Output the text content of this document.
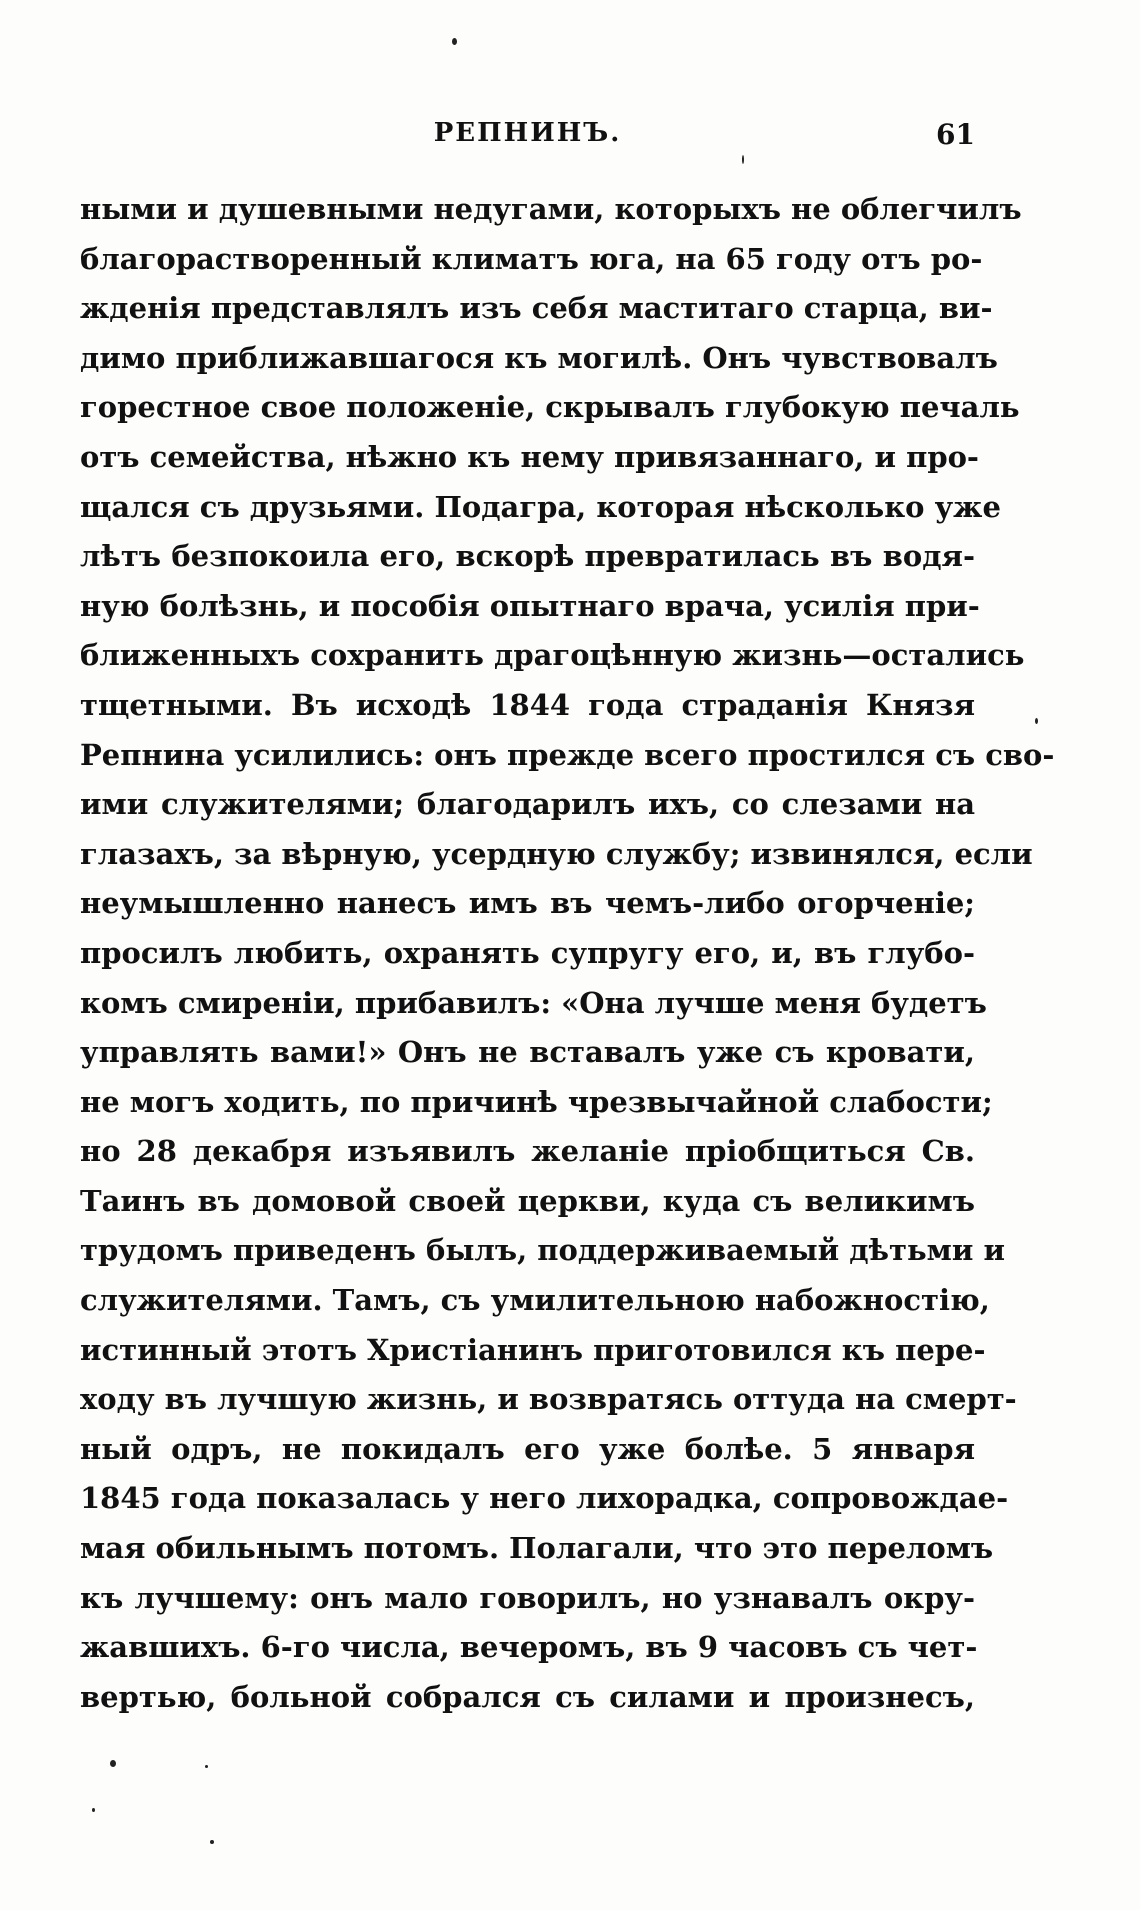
РЕПНИНЪ.	61
ными и душевными недугами, которыхъ не облегчилъ
благорастворенный климатъ юга, на 65 году отъ ро-
жденія представлялъ изъ себя маститаго старца, ви-
димо приближавшагося къ могилѣ. Онъ чувствовалъ
горестное свое положеніе, скрывалъ глубокую печаль
отъ семейства, нѣжно къ нему привязаннаго, и про-
щался съ друзьями. Подагра, которая нѣсколько уже
лѣтъ безпокоила его, вскорѣ превратилась въ водя-
ную болѣзнь, и пособія опытнаго врача, усилія при-
ближенныхъ сохранить драгоцѣнную жизнь—остались
тщетными. Въ исходѣ 1844 года страданія Князя
Репнина усилились: онъ прежде всего простился съ сво-
ими служителями; благодарилъ ихъ, со слезами на
глазахъ, за вѣрную, усердную службу; извинялся, если
неумышленно нанесъ имъ въ чемъ-либо огорченіе;
просилъ любить, охранять супругу его, и, въ глубо-
комъ смиреніи, прибавилъ: «Она лучше меня будетъ
управлять вами!» Онъ не вставалъ уже съ кровати,
не могъ ходить, по причинѣ чрезвычайной слабости;
но 28 декабря изъявилъ желаніе пріобщиться Св.
Таинъ въ домовой своей церкви, куда съ великимъ
трудомъ приведенъ былъ, поддерживаемый дѣтьми и
служителями. Тамъ, съ умилительною набожностію,
истинный этотъ Христіанинъ приготовился къ пере-
ходу въ лучшую жизнь, и возвратясь оттуда на смерт-
ный одръ, не покидалъ его уже болѣе. 5 января
1845 года показалась у него лихорадка, сопровождае-
мая обильнымъ потомъ. Полагали, что это переломъ
къ лучшему: онъ мало говорилъ, но узнавалъ окру-
жавшихъ. 6-го числа, вечеромъ, въ 9 часовъ съ чет-
вертью, больной собрался съ силами и произнесъ,
